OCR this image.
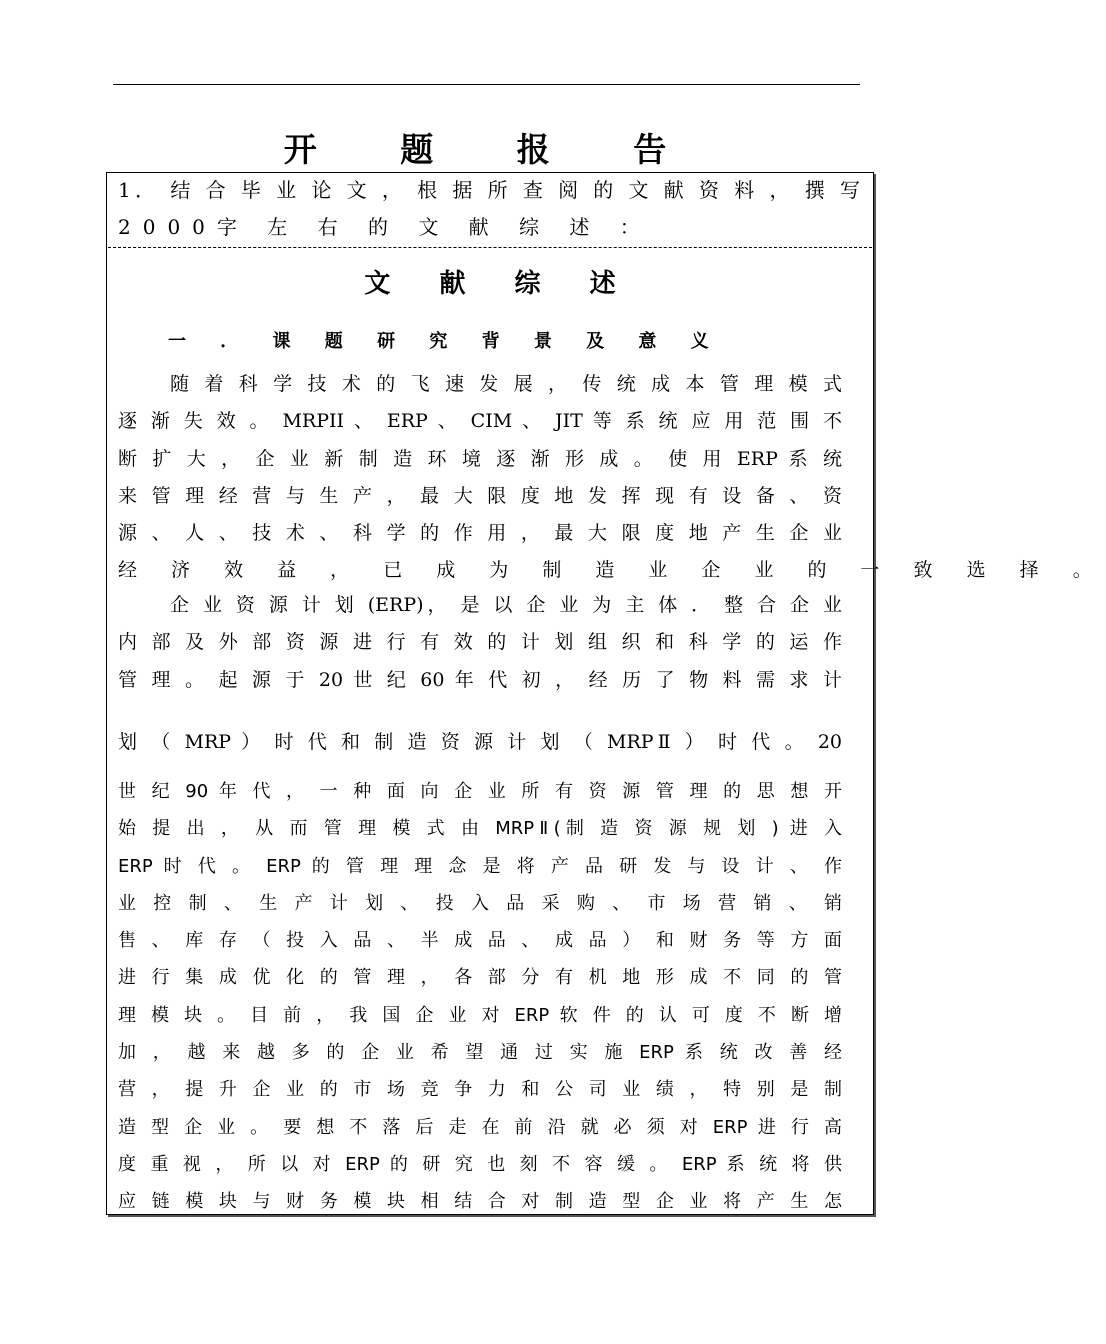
开 题 报 告
1． 结 合 毕 业 论 文 ， 根 据 所 查 阅 的 文 献 资 料 ， 撰 写
2000字 左 右 的 文 献 综 述 ：
文 献 综 述
一 ． 课 题 研 究 背 景 及 意 义
随 着 科 学 技 术 的 飞 速 发 展 ， 传 统 成 本 管 理 模 式
逐 渐 失 效 。 MRPII 、 ERP 、 CIM 、 JIT 等 系 统 应 用 范 围 不
断 扩 大 ， 企 业 新 制 造 环 境 逐 渐 形 成 。 使 用 ERP 系 统
来 管 理 经 营 与 生 产 ， 最 大 限 度 地 发 挥 现 有 设 备 、 资
源 、 人 、 技 术 、 科 学 的 作 用 ， 最 大 限 度 地 产 生 企 业
经 济 效 益 ， 已 成 为 制 造 业 企 业 的 一 致 选 择 。
企 业 资 源 计 划 (ERP)， 是 以 企 业 为 主 体 ． 整 合 企 业
内 部 及 外 部 资 源 进 行 有 效 的 计 划 组 织 和 科 学 的 运 作
管 理 。 起 源 于 20 世 纪 60 年 代 初 ， 经 历 了 物 料 需 求 计
划 （ MRP ） 时 代 和 制 造 资 源 计 划 （ MRPⅡ ） 时 代 。 20
世 纪 90 年 代 ， 一 种 面 向 企 业 所 有 资 源 管 理 的 思 想 开
始 提 出 ， 从 而 管 理 模 式 由 MRPⅡ(制 造 资 源 规 划 ) 进 入
ERP 时 代 。 ERP 的 管 理 理 念 是 将 产 品 研 发 与 设 计 、 作
业 控 制 、 生 产 计 划 、 投 入 品 采 购 、 市 场 营 销 、 销
售 、 库 存 （ 投 入 品 、 半 成 品 、 成 品 ） 和 财 务 等 方 面
进 行 集 成 优 化 的 管 理 ， 各 部 分 有 机 地 形 成 不 同 的 管
理 模 块 。 目 前 ， 我 国 企 业 对 ERP 软 件 的 认 可 度 不 断 增
加 ， 越 来 越 多 的 企 业 希 望 通 过 实 施 ERP 系 统 改 善 经
营 ， 提 升 企 业 的 市 场 竞 争 力 和 公 司 业 绩 ， 特 别 是 制
造 型 企 业 。 要 想 不 落 后 走 在 前 沿 就 必 须 对 ERP 进 行 高
度 重 视 ， 所 以 对 ERP 的 研 究 也 刻 不 容 缓 。 ERP 系 统 将 供
应 链 模 块 与 财 务 模 块 相 结 合 对 制 造 型 企 业 将 产 生 怎
